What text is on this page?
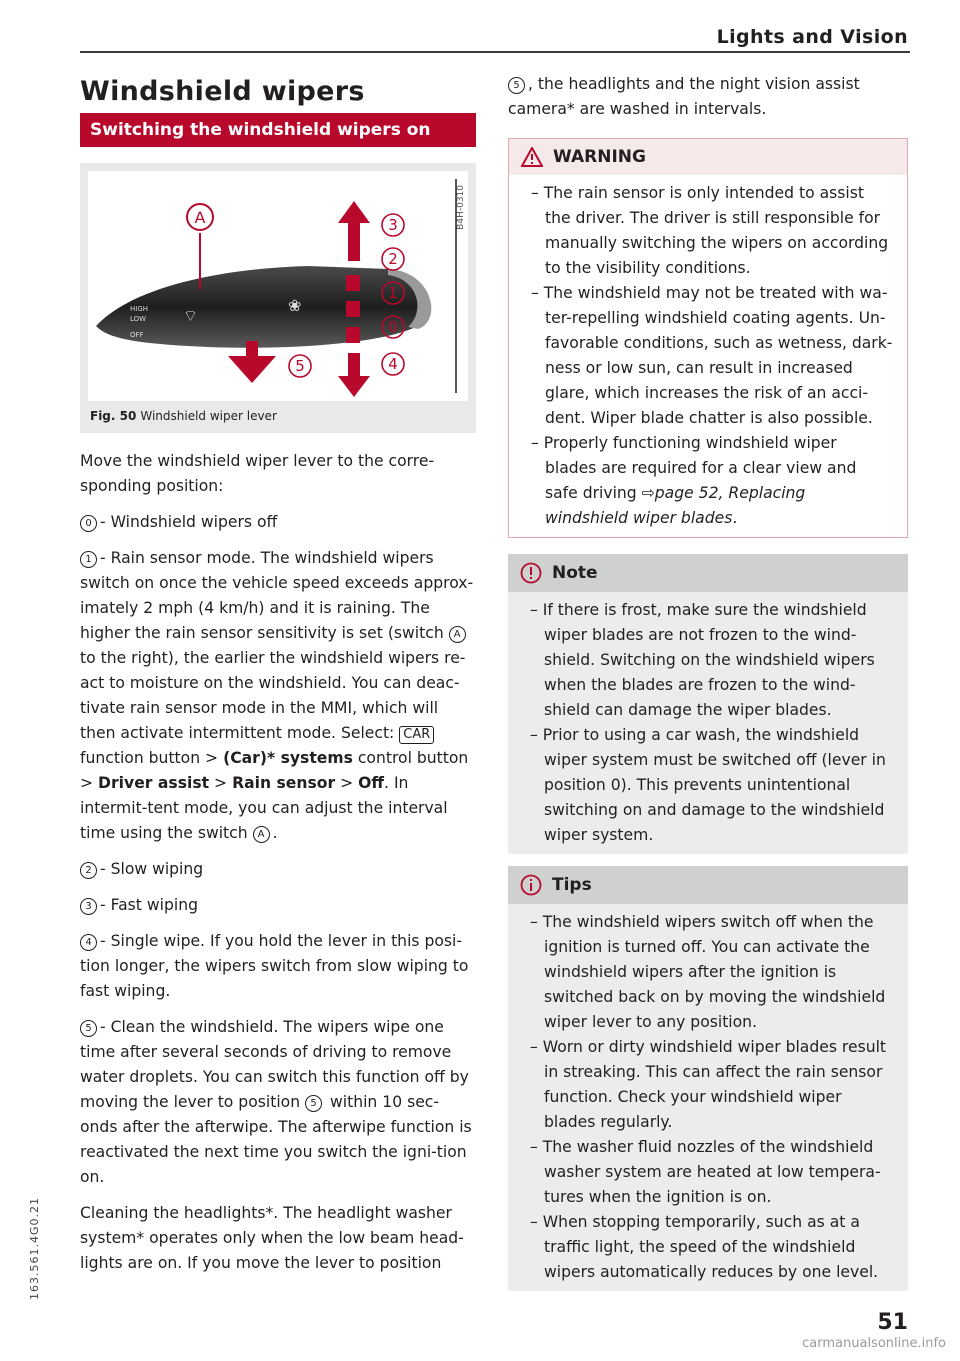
Lights and Vision
163.561.4G0.21
Windshield wipers
Switching the windshield wipers on
A
HIGH
LOW
OFF
⌔
❀
3
2
1
0
5	4
B4H-0310
Fig. 50 Windshield wiper lever

Move the windshield wiper lever to the corre-sponding position:

0 - Windshield wipers off

1 - Rain sensor mode. The windshield wipers switch on once the vehicle speed exceeds approx-imately 2 mph (4 km/h) and it is raining. The higher the rain sensor sensitivity is set (switch A to the right), the earlier the windshield wipers re-act to moisture on the windshield. You can deac-tivate rain sensor mode in the MMI, which will then activate intermittent mode. Select: CAR function button > (Car)* systems control button > Driver assist > Rain sensor > Off. In intermit-tent mode, you can adjust the interval time using the switch A .

2 - Slow wiping

3 - Fast wiping

4 - Single wipe. If you hold the lever in this posi-tion longer, the wipers switch from slow wiping to fast wiping.

5 - Clean the windshield. The wipers wipe one time after several seconds of driving to remove water droplets. You can switch this function off by moving the lever to position 5 within 10 sec-onds after the afterwipe. The afterwipe function is reactivated the next time you switch the igni-tion on.

Cleaning the headlights*. The headlight washer system* operates only when the low beam head-lights are on. If you move the lever to position

5 , the headlights and the night vision assist camera* are washed in intervals.

WARNING
– The rain sensor is only intended to assist the driver. The driver is still responsible for manually switching the wipers on according to the visibility conditions.
– The windshield may not be treated with wa-ter-repelling windshield coating agents. Un-favorable conditions, such as wetness, dark-ness or low sun, can result in increased glare, which increases the risk of an acci-dent. Wiper blade chatter is also possible.
– Properly functioning windshield wiper blades are required for a clear view and safe driving ⇨page 52, Replacing windshield wiper blades.
Note
– If there is frost, make sure the windshield wiper blades are not frozen to the wind-shield. Switching on the windshield wipers when the blades are frozen to the wind-shield can damage the wiper blades.
– Prior to using a car wash, the windshield wiper system must be switched off (lever in position 0). This prevents unintentional switching on and damage to the windshield wiper system.
Tips
– The windshield wipers switch off when the ignition is turned off. You can activate the windshield wipers after the ignition is switched back on by moving the windshield wiper lever to any position.
– Worn or dirty windshield wiper blades result in streaking. This can affect the rain sensor function. Check your windshield wiper blades regularly.
– The washer fluid nozzles of the windshield washer system are heated at low tempera-tures when the ignition is on.
– When stopping temporarily, such as at a traffic light, the speed of the windshield wipers automatically reduces by one level.
51
carmanualsonline.info
